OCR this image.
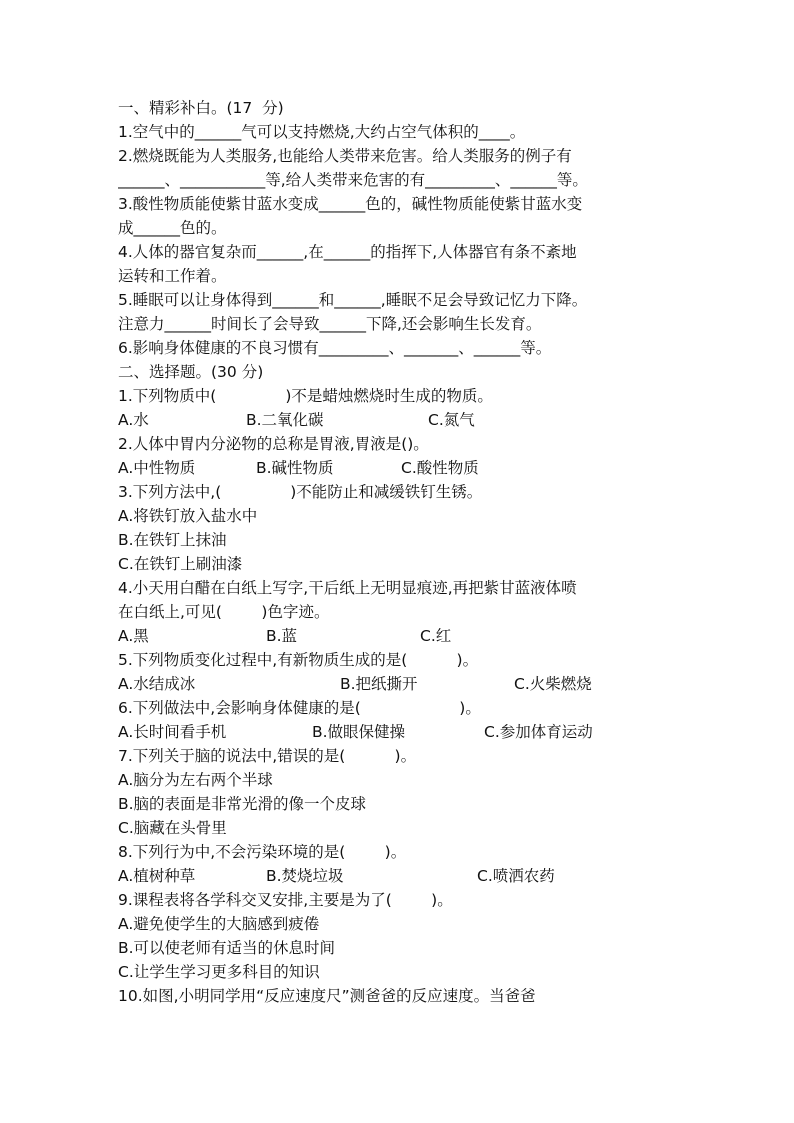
一、精彩补白。(17  分)
1.空气中的______气可以支持燃烧,大约占空气体积的____。
2.燃烧既能为人类服务,也能给人类带来危害。给人类服务的例子有
______、___________等,给人类带来危害的有_________、______等。
3.酸性物质能使紫甘蓝水变成______色的，碱性物质能使紫甘蓝水变
成______色的。
4.人体的器官复杂而______,在______的指挥下,人体器官有条不紊地
运转和工作着。
5.睡眠可以让身体得到______和______,睡眠不足会导致记忆力下降。
注意力______时间长了会导致______下降,还会影响生长发育。
6.影响身体健康的不良习惯有_________、_______、______等。
二、选择题。(30 分)
1.下列物质中(              )不是蜡烛燃烧时生成的物质。
A.水	B.二氧化碳	C.氮气
2.人体中胃内分泌物的总称是胃液,胃液是()。
A.中性物质	B.碱性物质	C.酸性物质
3.下列方法中,(              )不能防止和减缓铁钉生锈。
A.将铁钉放入盐水中
B.在铁钉上抹油
C.在铁钉上刷油漆
4.小天用白醋在白纸上写字,干后纸上无明显痕迹,再把紫甘蓝液体喷
在白纸上,可见(        )色字迹。
A.黑	B.蓝	C.红
5.下列物质变化过程中,有新物质生成的是(          )。
A.水结成冰	B.把纸撕开	C.火柴燃烧
6.下列做法中,会影响身体健康的是(                    )。
A.长时间看手机	B.做眼保健操	C.参加体育运动
7.下列关于脑的说法中,错误的是(          )。
A.脑分为左右两个半球
B.脑的表面是非常光滑的像一个皮球
C.脑藏在头骨里
8.下列行为中,不会污染环境的是(        )。
A.植树种草	B.焚烧垃圾	C.喷洒农药
9.课程表将各学科交叉安排,主要是为了(        )。
A.避免使学生的大脑感到疲倦
B.可以使老师有适当的休息时间
C.让学生学习更多科目的知识
10.如图,小明同学用“反应速度尺”测爸爸的反应速度。当爸爸
